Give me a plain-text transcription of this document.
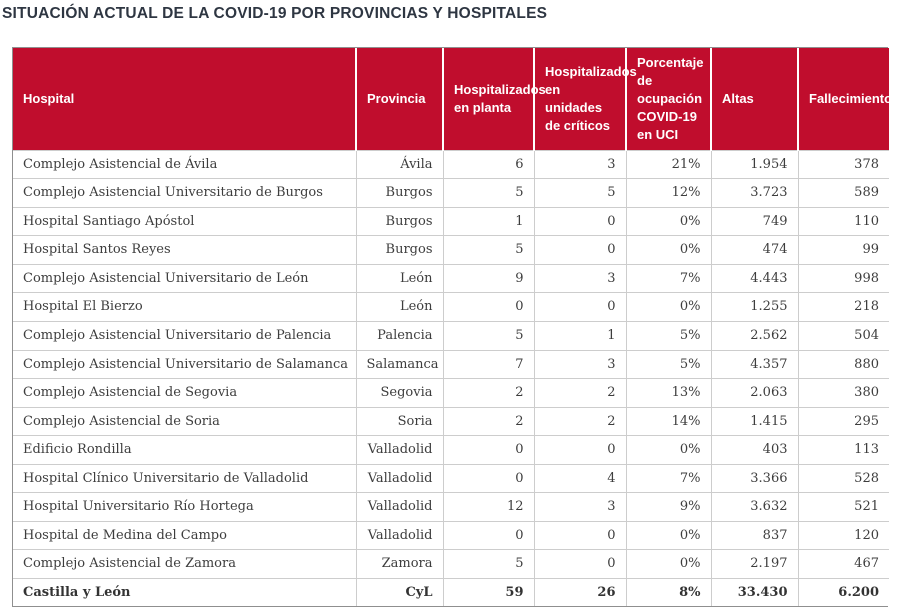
SITUACIÓN ACTUAL DE LA COVID-19 POR PROVINCIAS Y HOSPITALES
Hospital	Provincia	Hospitalizados en planta	Hospitalizados en unidades de críticos	Porcentaje de ocupación COVID-19 en UCI	Altas	Fallecimientos
Complejo Asistencial de Ávila	Ávila	6	3	21%	1.954	378
Complejo Asistencial Universitario de Burgos	Burgos	5	5	12%	3.723	589
Hospital Santiago Apóstol	Burgos	1	0	0%	749	110
Hospital Santos Reyes	Burgos	5	0	0%	474	99
Complejo Asistencial Universitario de León	León	9	3	7%	4.443	998
Hospital El Bierzo	León	0	0	0%	1.255	218
Complejo Asistencial Universitario de Palencia	Palencia	5	1	5%	2.562	504
Complejo Asistencial Universitario de Salamanca	Salamanca	7	3	5%	4.357	880
Complejo Asistencial de Segovia	Segovia	2	2	13%	2.063	380
Complejo Asistencial de Soria	Soria	2	2	14%	1.415	295
Edificio Rondilla	Valladolid	0	0	0%	403	113
Hospital Clínico Universitario de Valladolid	Valladolid	0	4	7%	3.366	528
Hospital Universitario Río Hortega	Valladolid	12	3	9%	3.632	521
Hospital de Medina del Campo	Valladolid	0	0	0%	837	120
Complejo Asistencial de Zamora	Zamora	5	0	0%	2.197	467
Castilla y León	CyL	59	26	8%	33.430	6.200
